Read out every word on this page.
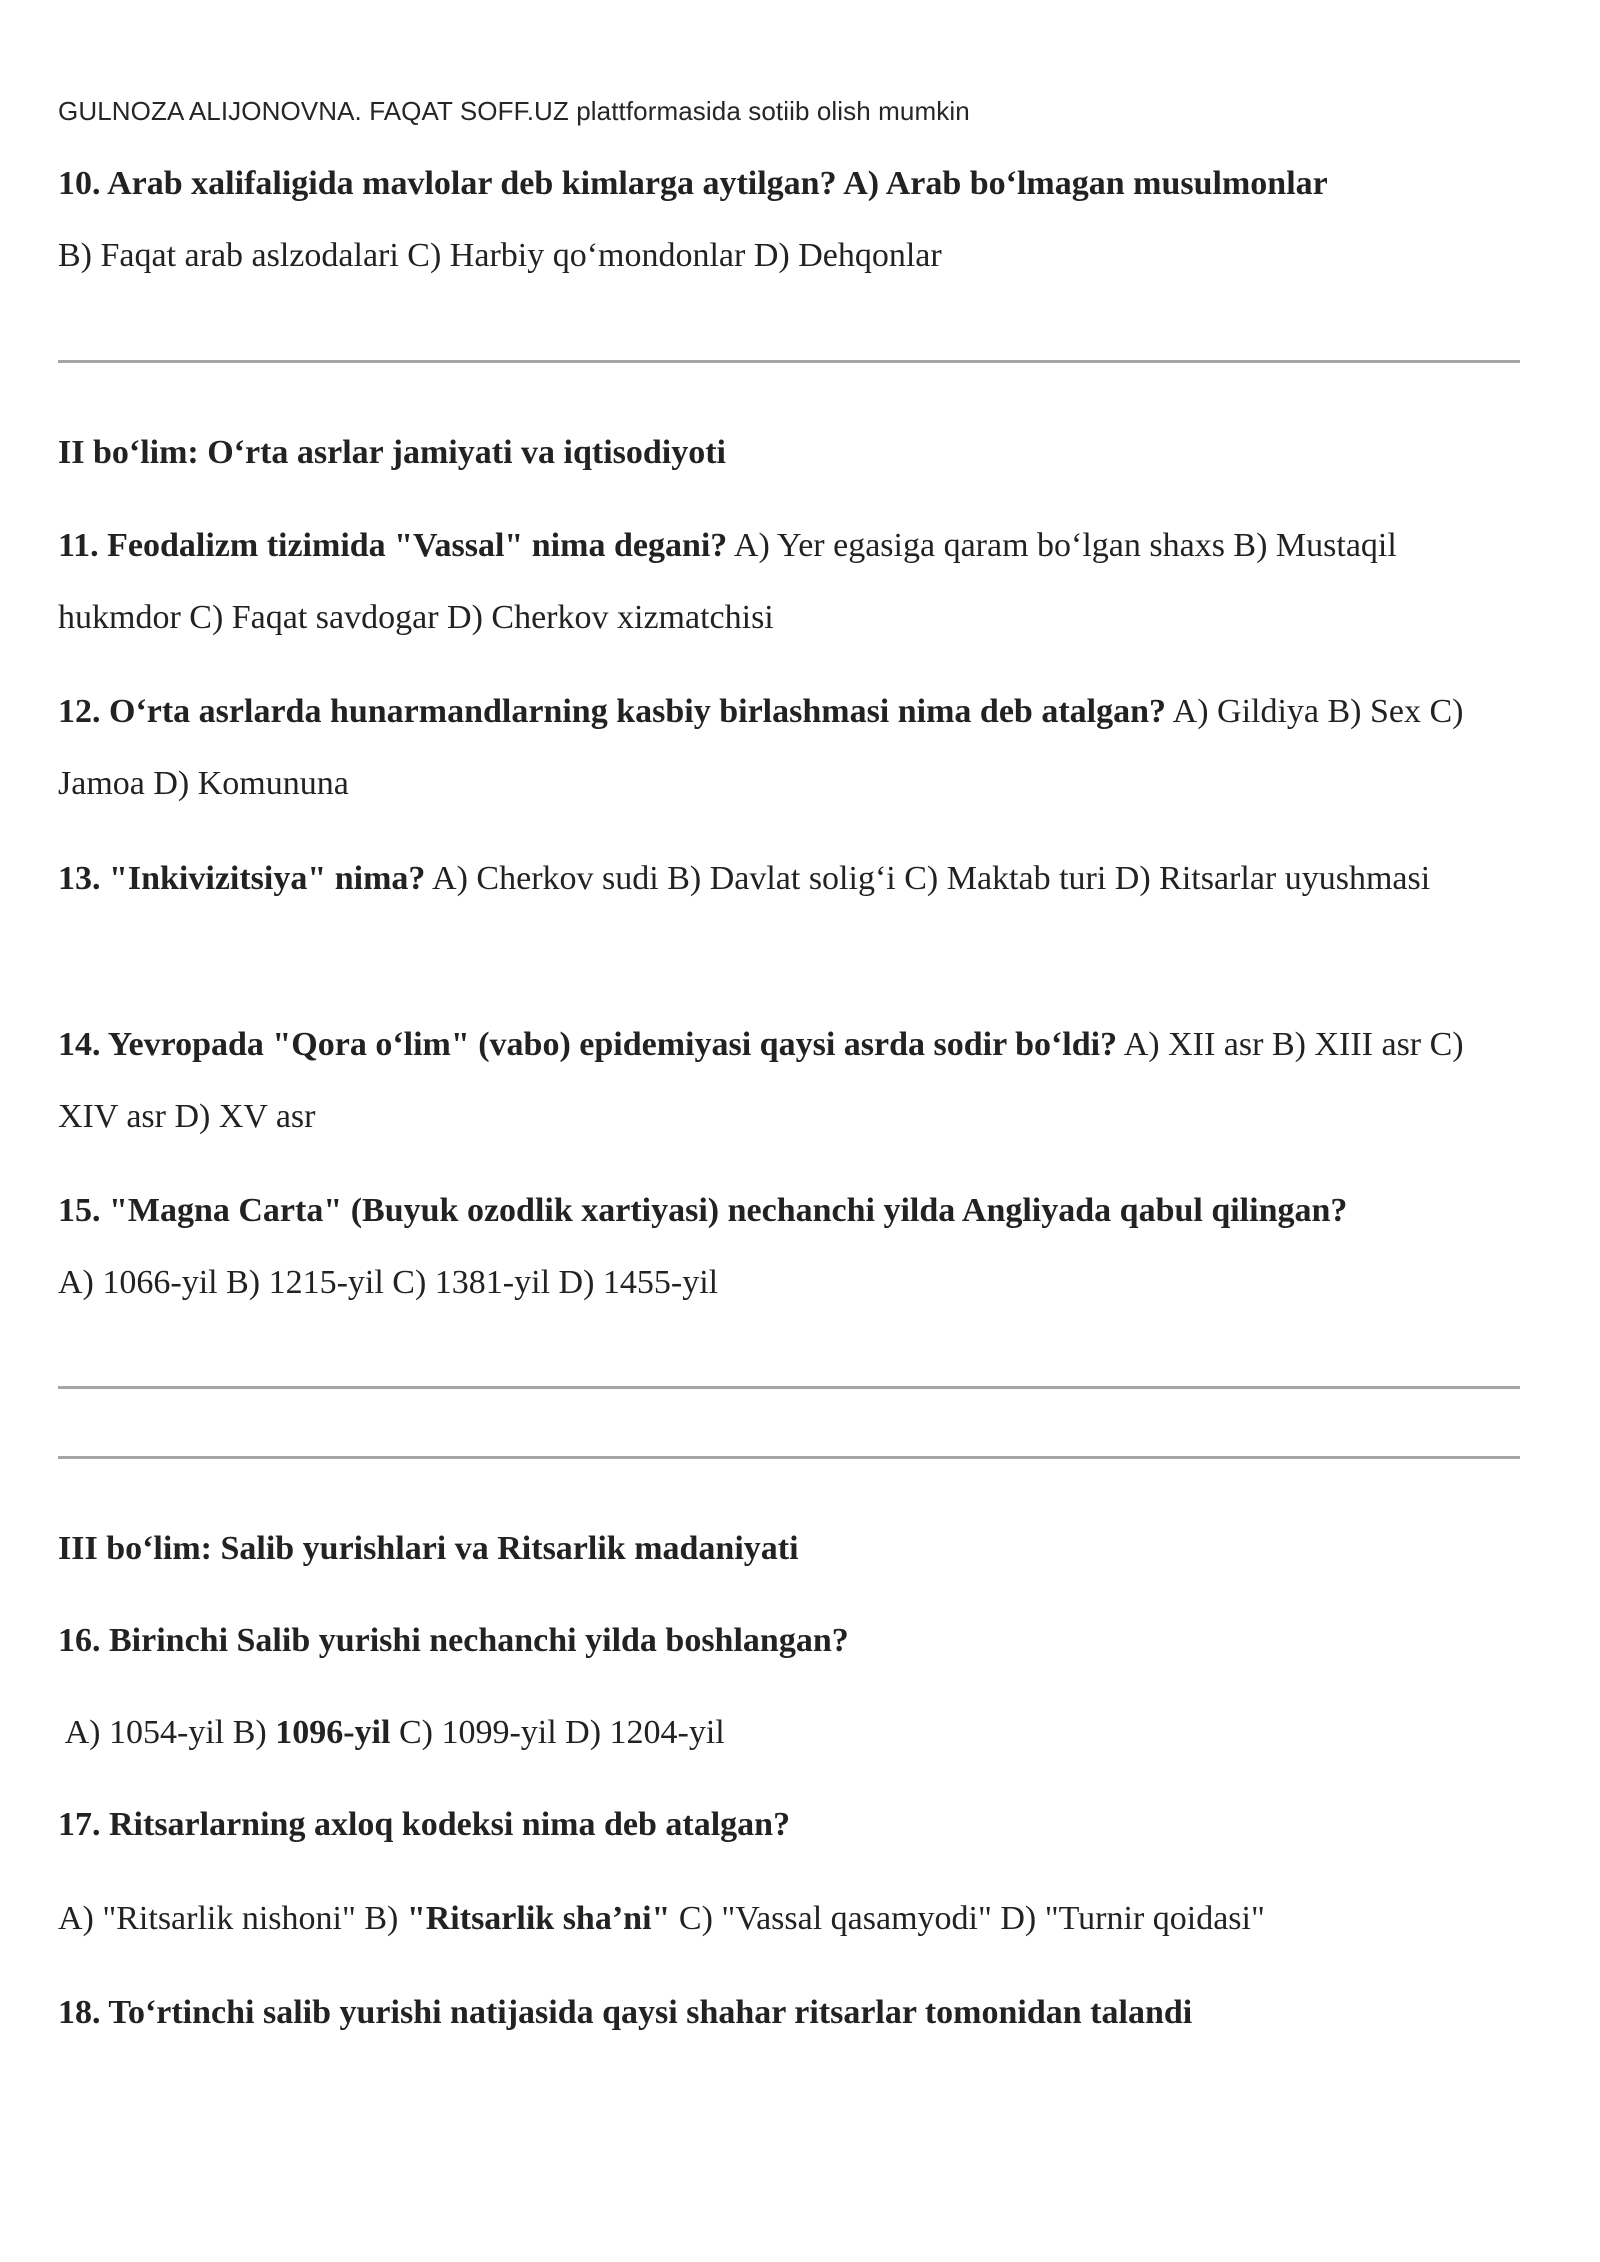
GULNOZA ALIJONOVNA. FAQAT SOFF.UZ plattformasida sotiib olish mumkin
10. Arab xalifaligida mavlolar deb kimlarga aytilgan? A) Arab bo‘lmagan musulmonlar
B) Faqat arab aslzodalari C) Harbiy qo‘mondonlar D) Dehqonlar
II bo‘lim: O‘rta asrlar jamiyati va iqtisodiyoti
11. Feodalizm tizimida "Vassal" nima degani? A) Yer egasiga qaram bo‘lgan shaxs B) Mustaqil hukmdor C) Faqat savdogar D) Cherkov xizmatchisi
12. O‘rta asrlarda hunarmandlarning kasbiy birlashmasi nima deb atalgan? A) Gildiya B) Sex C) Jamoa D) Komununa
13. "Inkivizitsiya" nima? A) Cherkov sudi B) Davlat solig‘i C) Maktab turi D) Ritsarlar uyushmasi
14. Yevropada "Qora o‘lim" (vabo) epidemiyasi qaysi asrda sodir bo‘ldi? A) XII asr B) XIII asr C) XIV asr D) XV asr
15. "Magna Carta" (Buyuk ozodlik xartiyasi) nechanchi yilda Angliyada qabul qilingan?
A) 1066-yil B) 1215-yil C) 1381-yil D) 1455-yil
III bo‘lim: Salib yurishlari va Ritsarlik madaniyati
16. Birinchi Salib yurishi nechanchi yilda boshlangan?
A) 1054-yil B) 1096-yil C) 1099-yil D) 1204-yil
17. Ritsarlarning axloq kodeksi nima deb atalgan?
A) "Ritsarlik nishoni" B) "Ritsarlik sha’ni" C) "Vassal qasamyodi" D) "Turnir qoidasi"
18. To‘rtinchi salib yurishi natijasida qaysi shahar ritsarlar tomonidan talandi
